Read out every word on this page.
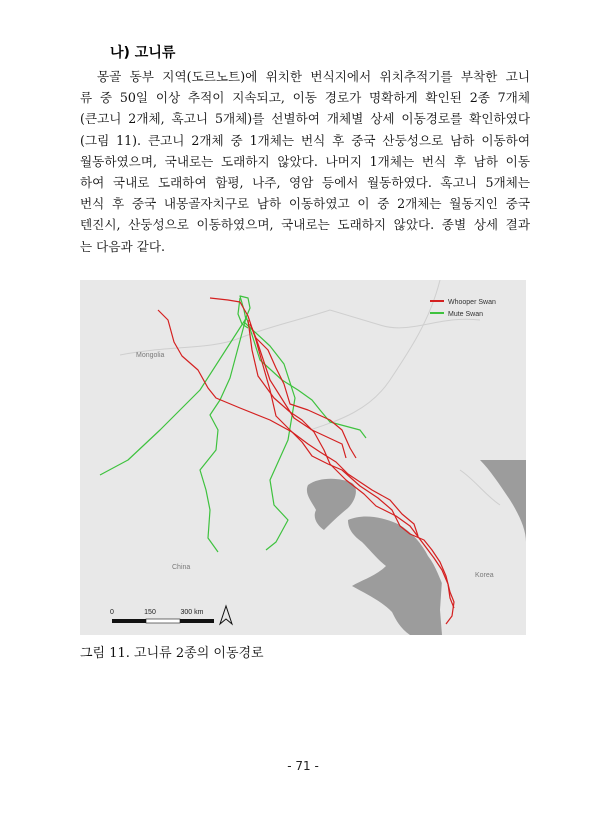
나) 고니류
몽골 동부 지역(도르노트)에 위치한 번식지에서 위치추적기를 부착한 고니
류 중 50일 이상 추적이 지속되고, 이동 경로가 명확하게 확인된 2종 7개체
(큰고니 2개체, 혹고니 5개체)를 선별하여 개체별 상세 이동경로를 확인하였다
(그림 11). 큰고니 2개체 중 1개체는 번식 후 중국 산둥성으로 남하 이동하여
월동하였으며, 국내로는 도래하지 않았다. 나머지 1개체는 번식 후 남하 이동
하여 국내로 도래하여 함평, 나주, 영암 등에서 월동하였다. 혹고니 5개체는
번식 후 중국 내몽골자치구로 남하 이동하였고 이 중 2개체는 월동지인 중국
텐진시, 산둥성으로 이동하였으며, 국내로는 도래하지 않았다. 종별 상세 결과
는 다음과 같다.
Mongolia
China
Korea
Whooper Swan
Mute Swan
0	150	300 km
그림 11. 고니류 2종의 이동경로
- 71 -
